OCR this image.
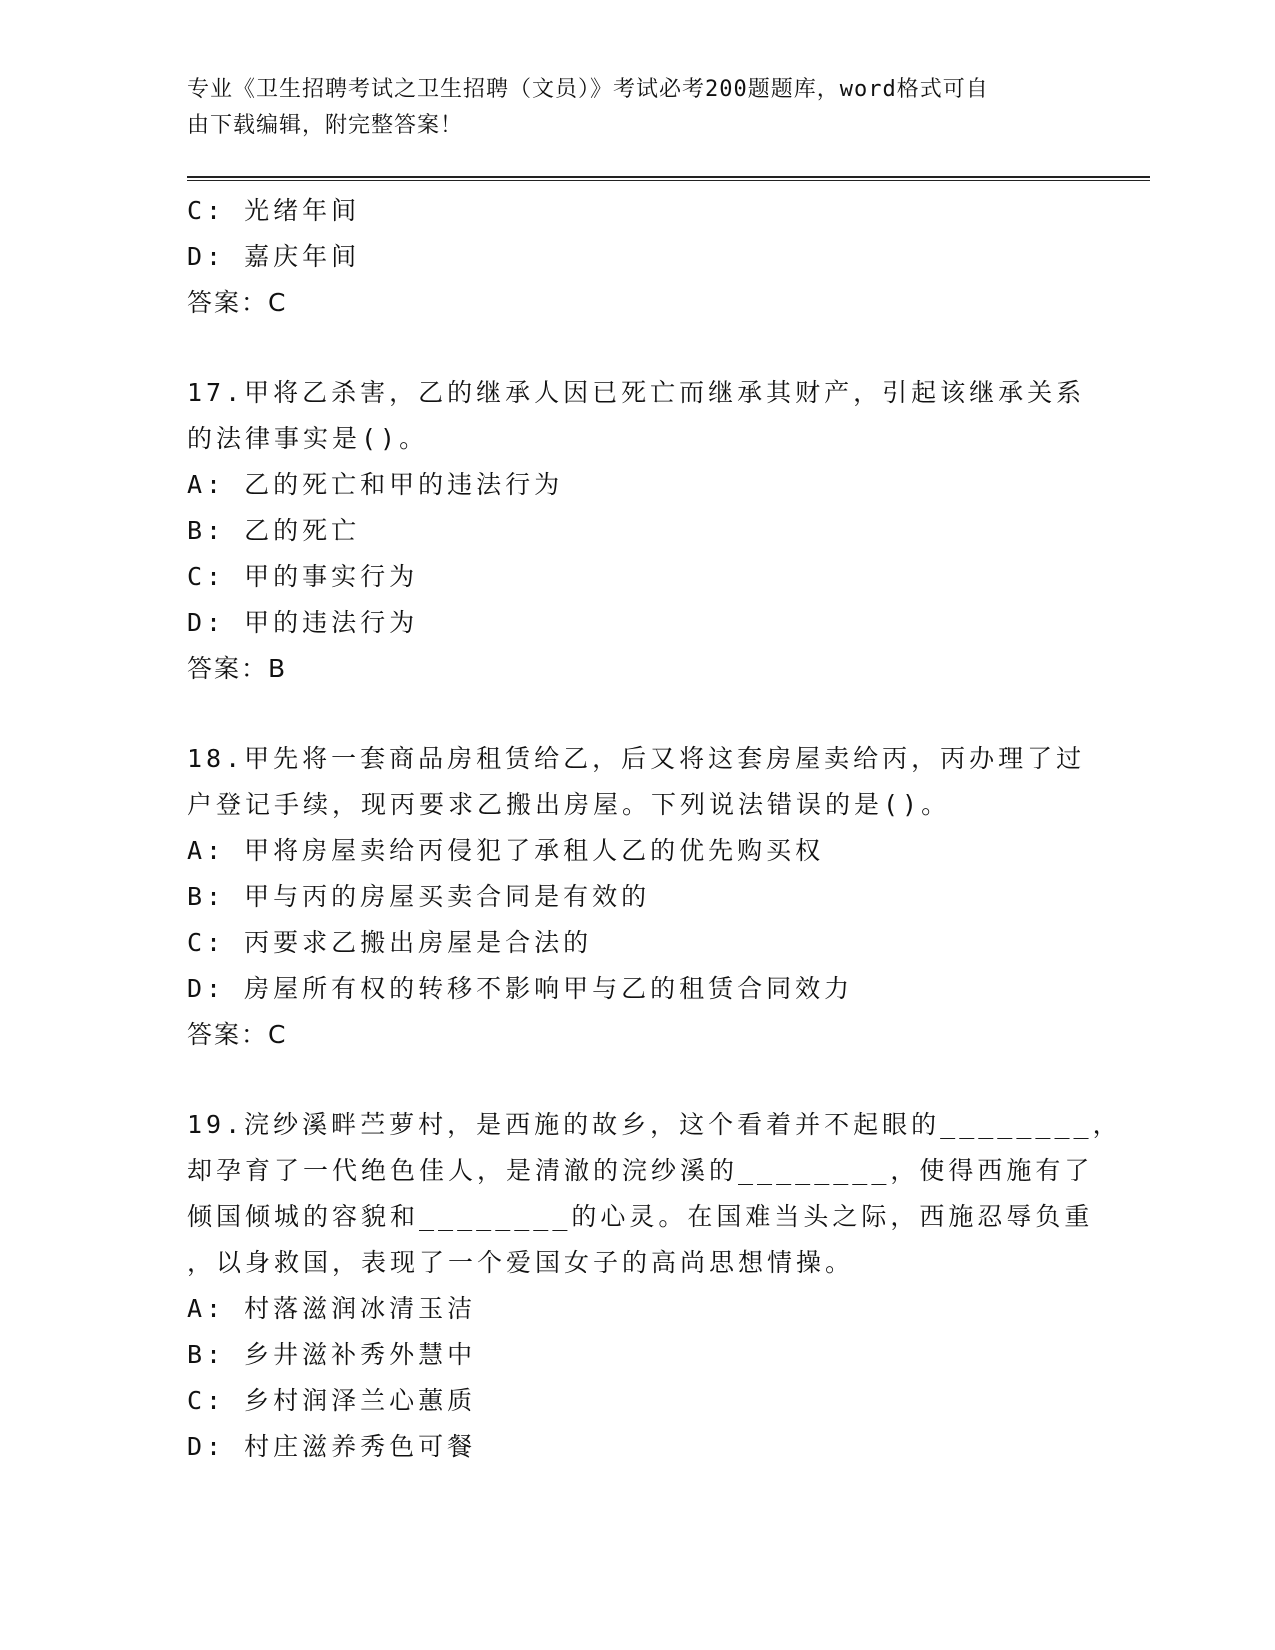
专业《卫生招聘考试之卫生招聘（文员）》考试必考200题题库，word格式可自
由下载编辑，附完整答案！
C: 光绪年间
D: 嘉庆年间
答案：C
17.甲将乙杀害，乙的继承人因已死亡而继承其财产，引起该继承关系
的法律事实是()。
A: 乙的死亡和甲的违法行为
B: 乙的死亡
C: 甲的事实行为
D: 甲的违法行为
答案：B
18.甲先将一套商品房租赁给乙，后又将这套房屋卖给丙，丙办理了过
户登记手续，现丙要求乙搬出房屋。下列说法错误的是()。
A: 甲将房屋卖给丙侵犯了承租人乙的优先购买权
B: 甲与丙的房屋买卖合同是有效的
C: 丙要求乙搬出房屋是合法的
D: 房屋所有权的转移不影响甲与乙的租赁合同效力
答案：C
19.浣纱溪畔苎萝村，是西施的故乡，这个看着并不起眼的________，
却孕育了一代绝色佳人，是清澈的浣纱溪的________，使得西施有了
倾国倾城的容貌和________的心灵。在国难当头之际，西施忍辱负重
，以身救国，表现了一个爱国女子的高尚思想情操。
A: 村落滋润冰清玉洁
B: 乡井滋补秀外慧中
C: 乡村润泽兰心蕙质
D: 村庄滋养秀色可餐
